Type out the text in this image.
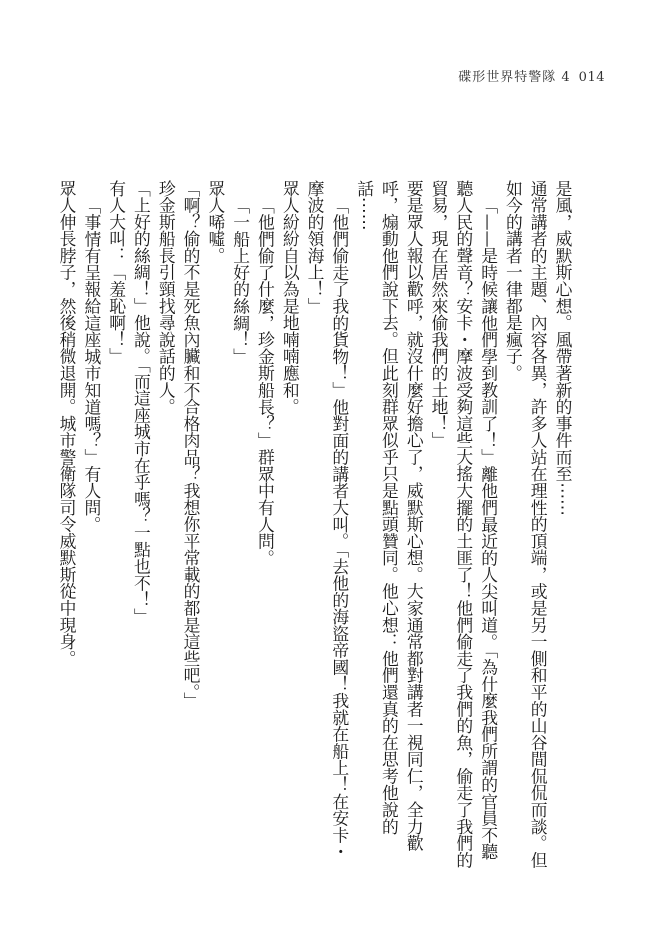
碟形世界特警隊 4 014

是風，威默斯心想。風帶著新的事件而至⋯⋯

通常講者的主題、內容各異，許多人站在理性的頂端，或是另一側和平的山谷間侃侃而談。但如今的講者一律都是瘋子。

「——是時候讓他們學到教訓了！」離他們最近的人尖叫道。「為什麼我們所謂的官員不聽聽人民的聲音？安卡・摩波受夠這些大搖大擺的土匪了！他們偷走了我們的魚，偷走了我們的貿易，現在居然來偷我們的土地！」

要是眾人報以歡呼，就沒什麼好擔心了，威默斯心想。大家通常都對講者一視同仁，全力歡呼，煽動他們說下去。但此刻群眾似乎只是點頭贊同。他心想：他們還真的在思考他說的話⋯⋯

「他們偷走了我的貨物！」他對面的講者大叫。「去他的海盜帝國！我就在船上！在安卡・摩波的領海上！」

眾人紛紛自以為是地喃喃應和。

「他們偷了什麼，珍金斯船長？」群眾中有人問。

「一船上好的絲綢！」

眾人唏噓。

「啊？偷的不是死魚內臟和不合格肉品？我想你平常載的都是這些吧。」

珍金斯船長引頸找尋說話的人。

「上好的絲綢！」他說。「而這座城市在乎嗎？一點也不！」

有人大叫：「羞恥啊！」

「事情有呈報給這座城市知道嗎？」有人問。

眾人伸長脖子，然後稍微退開。城市警衛隊司令威默斯從中現身。
